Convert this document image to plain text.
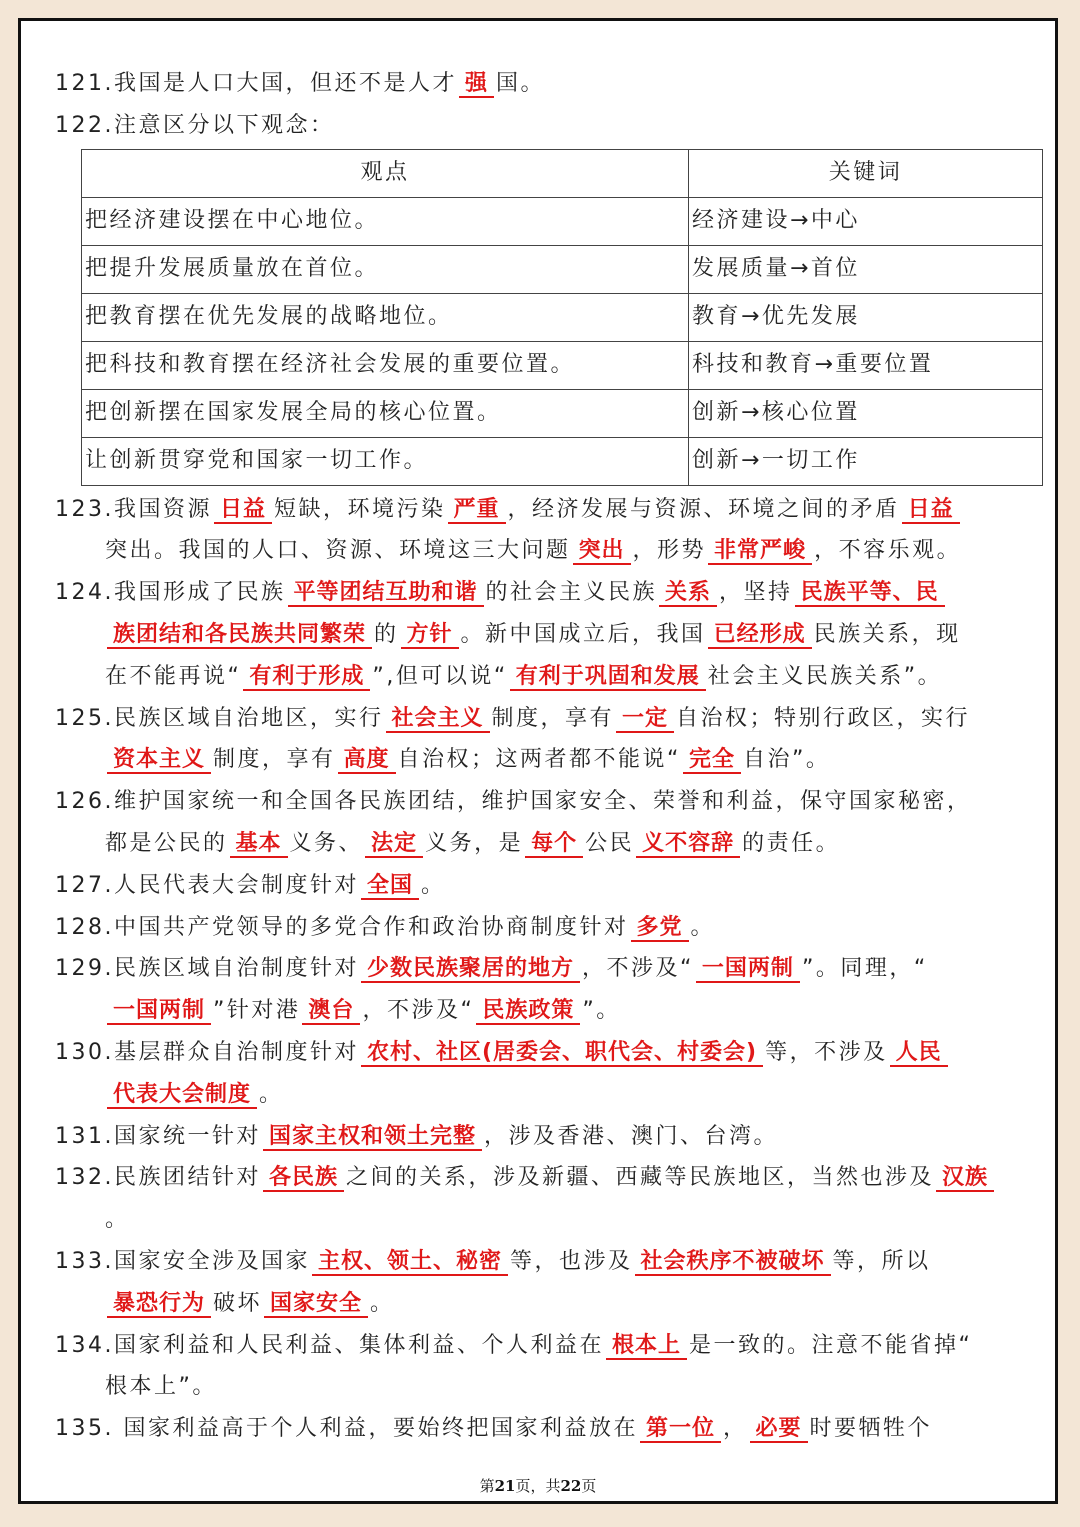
121.我国是人口大国，但还不是人才 强 国。
122.注意区分以下观念：
观点	关键词
把经济建设摆在中心地位。	经济建设→中心
把提升发展质量放在首位。	发展质量→首位
把教育摆在优先发展的战略地位。	教育→优先发展
把科技和教育摆在经济社会发展的重要位置。	科技和教育→重要位置
把创新摆在国家发展全局的核心位置。	创新→核心位置
让创新贯穿党和国家一切工作。	创新→一切工作
123.我国资源 日益 短缺，环境污染 严重 ，经济发展与资源、环境之间的矛盾 日益
突出。我国的人口、资源、环境这三大问题 突出 ，形势 非常严峻 ，不容乐观。
124.我国形成了民族 平等团结互助和谐 的社会主义民族 关系 ，坚持 民族平等、民
族团结和各民族共同繁荣 的 方针 。新中国成立后，我国 已经形成 民族关系，现
在不能再说“ 有利于形成 ”,但可以说“ 有利于巩固和发展 社会主义民族关系”。
125.民族区域自治地区，实行 社会主义 制度，享有 一定 自治权；特别行政区，实行
资本主义 制度，享有 高度 自治权；这两者都不能说“ 完全 自治”。
126.维护国家统一和全国各民族团结，维护国家安全、荣誉和利益，保守国家秘密，
都是公民的 基本 义务、 法定 义务，是 每个 公民 义不容辞 的责任。
127.人民代表大会制度针对 全国 。
128.中国共产党领导的多党合作和政治协商制度针对 多党 。
129.民族区域自治制度针对 少数民族聚居的地方 ，不涉及“ 一国两制 ”。同理，“
一国两制 ”针对港 澳台 ，不涉及“ 民族政策 ”。
130.基层群众自治制度针对 农村、社区(居委会、职代会、村委会) 等，不涉及 人民
代表大会制度 。
131.国家统一针对 国家主权和领土完整 ，涉及香港、澳门、台湾。
132.民族团结针对 各民族 之间的关系，涉及新疆、西藏等民族地区，当然也涉及 汉族
。
133.国家安全涉及国家 主权、领土、秘密 等，也涉及 社会秩序不被破坏 等，所以
暴恐行为 破坏 国家安全 。
134.国家利益和人民利益、集体利益、个人利益在 根本上 是一致的。注意不能省掉“
根本上”。
135. 国家利益高于个人利益，要始终把国家利益放在 第一位 ， 必要 时要牺牲个
第21页，共22页
